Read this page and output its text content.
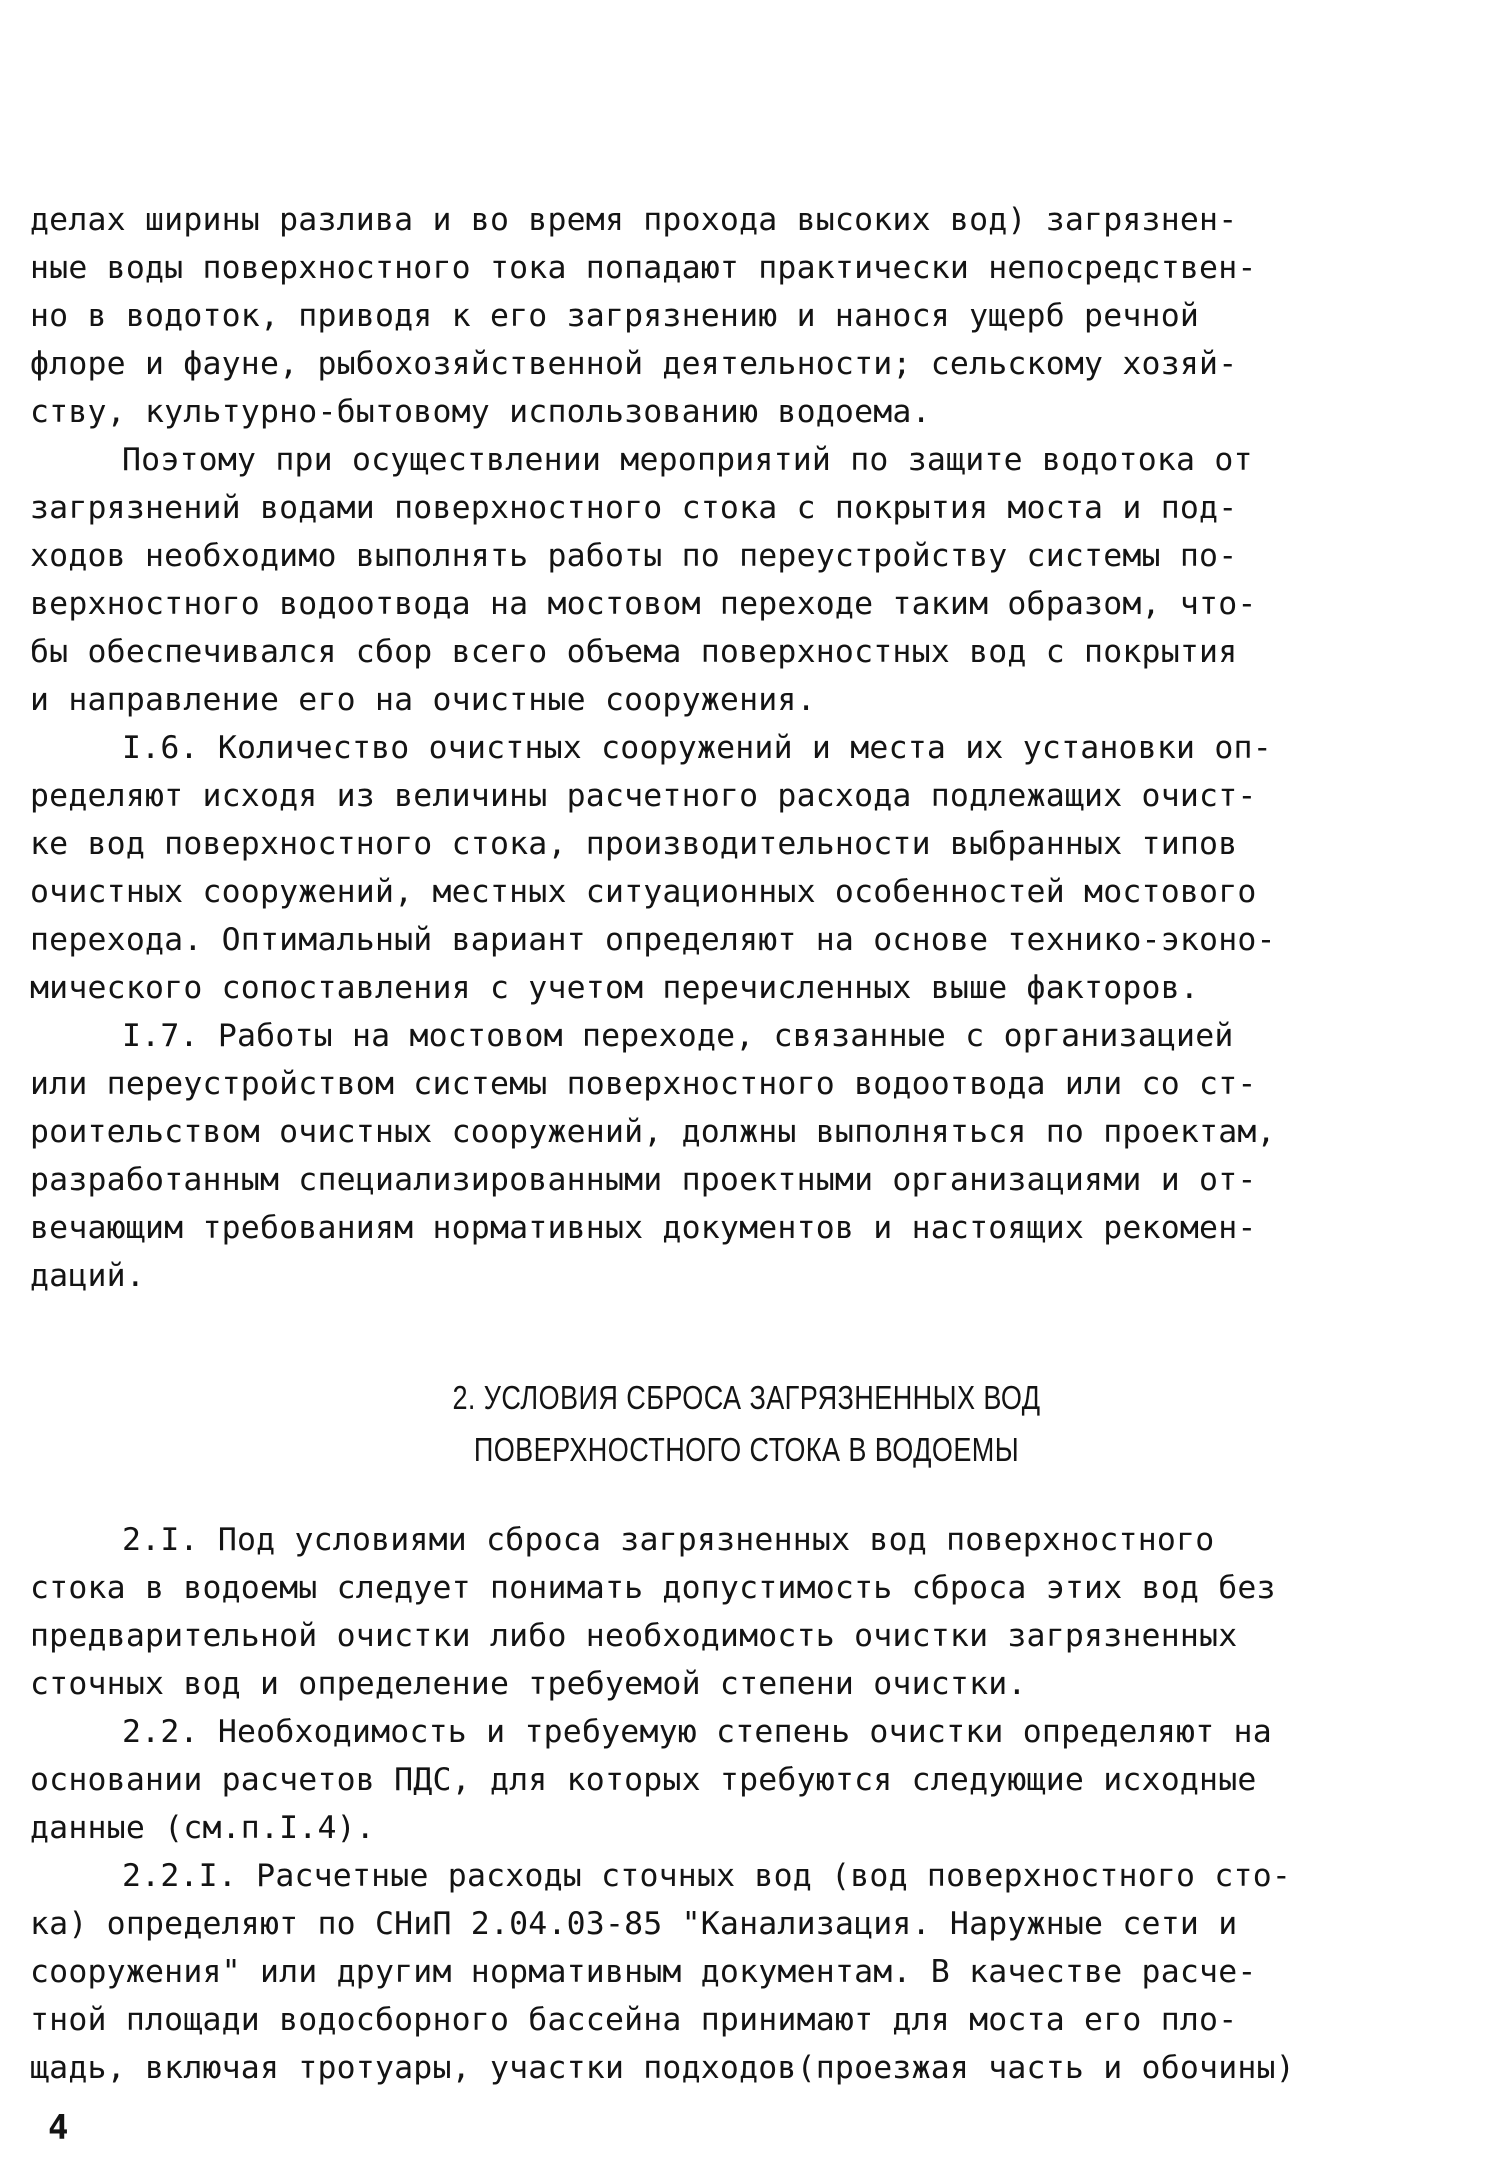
делах ширины разлива и во время прохода высоких вод) загрязнен-
ные воды поверхностного тока попадают практически непосредствен-
но в водоток, приводя к его загрязнению и нанося ущерб речной
флоре и фауне, рыбохозяйственной деятельности; сельскому хозяй-
ству, культурно-бытовому использованию водоема.
Поэтому при осуществлении мероприятий по защите водотока от
загрязнений водами поверхностного стока с покрытия моста и под-
ходов необходимо выполнять работы по переустройству системы по-
верхностного водоотвода на мостовом переходе таким образом, что-
бы обеспечивался сбор всего объема поверхностных вод с покрытия
и направление его на очистные сооружения.
I.6. Количество очистных сооружений и места их установки оп-
ределяют исходя из величины расчетного расхода подлежащих очист-
ке вод поверхностного стока, производительности выбранных типов
очистных сооружений, местных ситуационных особенностей мостового
перехода. Оптимальный вариант определяют на основе технико-эконо-
мического сопоставления с учетом перечисленных выше факторов.
I.7. Работы на мостовом переходе, связанные с организацией
или переустройством системы поверхностного водоотвода или со ст-
роительством очистных сооружений, должны выполняться по проектам,
разработанным специализированными проектными организациями и от-
вечающим требованиям нормативных документов и настоящих рекомен-
даций.
2. УСЛОВИЯ СБРОСА ЗАГРЯЗНЕННЫХ ВОД
ПОВЕРХНОСТНОГО СТОКА В ВОДОЕМЫ
2.I. Под условиями сброса загрязненных вод поверхностного
стока в водоемы следует понимать допустимость сброса этих вод без
предварительной очистки либо необходимость очистки загрязненных
сточных вод и определение требуемой степени очистки.
2.2. Необходимость и требуемую степень очистки определяют на
основании расчетов ПДС, для которых требуются следующие исходные
данные (см.п.I.4).
2.2.I. Расчетные расходы сточных вод (вод поверхностного сто-
ка) определяют по СНиП 2.04.03-85 "Канализация. Наружные сети и
сооружения" или другим нормативным документам. В качестве расче-
тной площади водосборного бассейна принимают для моста его пло-
щадь, включая тротуары, участки подходов(проезжая часть и обочины)
4
